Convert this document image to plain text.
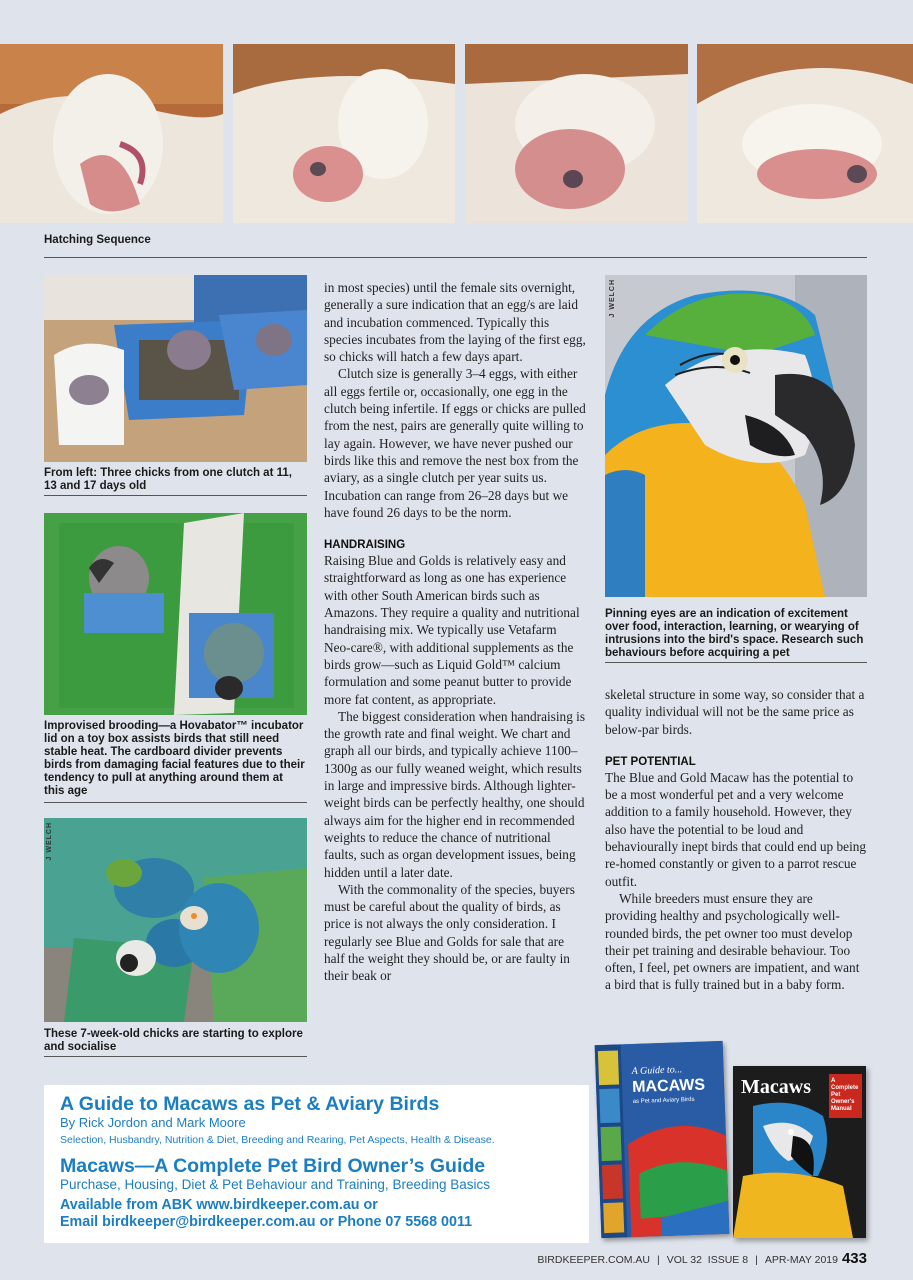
Hatching Sequence
From left: Three chicks from one clutch at 11, 13 and 17 days old
Improvised brooding—a Hovabator™ incubator lid on a toy box assists birds that still need stable heat. The cardboard divider prevents birds from damaging facial features due to their tendency to pull at anything around them at this age
J WELCH
These 7-week-old chicks are starting to explore and socialise

in most species) until the female sits overnight, generally a sure indication that an egg/s are laid and incubation commenced. Typically this species incubates from the laying of the first egg, so chicks will hatch a few days apart.

Clutch size is generally 3–4 eggs, with either all eggs fertile or, occasionally, one egg in the clutch being infertile. If eggs or chicks are pulled from the nest, pairs are generally quite willing to lay again. However, we have never pushed our birds like this and remove the nest box from the aviary, as a single clutch per year suits us. Incubation can range from 26–28 days but we have found 26 days to be the norm.

HANDRAISING

Raising Blue and Golds is relatively easy and straightforward as long as one has experience with other South American birds such as Amazons. They require a quality and nutritional handraising mix. We typically use Vetafarm Neo-care®, with additional supplements as the birds grow—such as Liquid Gold™ calcium formulation and some peanut butter to provide more fat content, as appropriate.

The biggest consideration when handraising is the growth rate and final weight. We chart and graph all our birds, and typically achieve 1100–1300g as our fully weaned weight, which results in large and impressive birds. Although lighter-weight birds can be perfectly healthy, one should always aim for the higher end in recommended weights to reduce the chance of nutritional faults, such as organ development issues, being hidden until a later date.

With the commonality of the species, buyers must be careful about the quality of birds, as price is not always the only consideration. I regularly see Blue and Golds for sale that are half the weight they should be, or are faulty in their beak or

J WELCH
Pinning eyes are an indication of excitement over food, interaction, learning, or wearying of intrusions into the bird's space. Research such behaviours before acquiring a pet

skeletal structure in some way, so consider that a quality individual will not be the same price as below-par birds.

PET POTENTIAL

The Blue and Gold Macaw has the potential to be a most wonderful pet and a very welcome addition to a family household. However, they also have the potential to be loud and behaviourally inept birds that could end up being re-homed constantly or given to a parrot rescue outfit.

While breeders must ensure they are providing healthy and psychologically well-rounded birds, the pet owner too must develop their pet training and desirable behaviour. Too often, I feel, pet owners are impatient, and want a bird that is fully trained but in a baby form.

A Guide to Macaws as Pet & Aviary Birds
By Rick Jordon and Mark Moore
Selection, Husbandry, Nutrition & Diet, Breeding and Rearing, Pet Aspects, Health & Disease.
Macaws—A Complete Pet Bird Owner’s Guide
Purchase, Housing, Diet & Pet Behaviour and Training, Breeding Basics
Available from ABK www.birdkeeper.com.au or
Email birdkeeper@birdkeeper.com.au or Phone 07 5568 0011
A Guide to...
MACAWS
as Pet and Aviary Birds
Macaws	A Complete Pet Owner's Manual
BIRDKEEPER.COM.AU | VOL 32 ISSUE 8 | APR-MAY 2019 433
